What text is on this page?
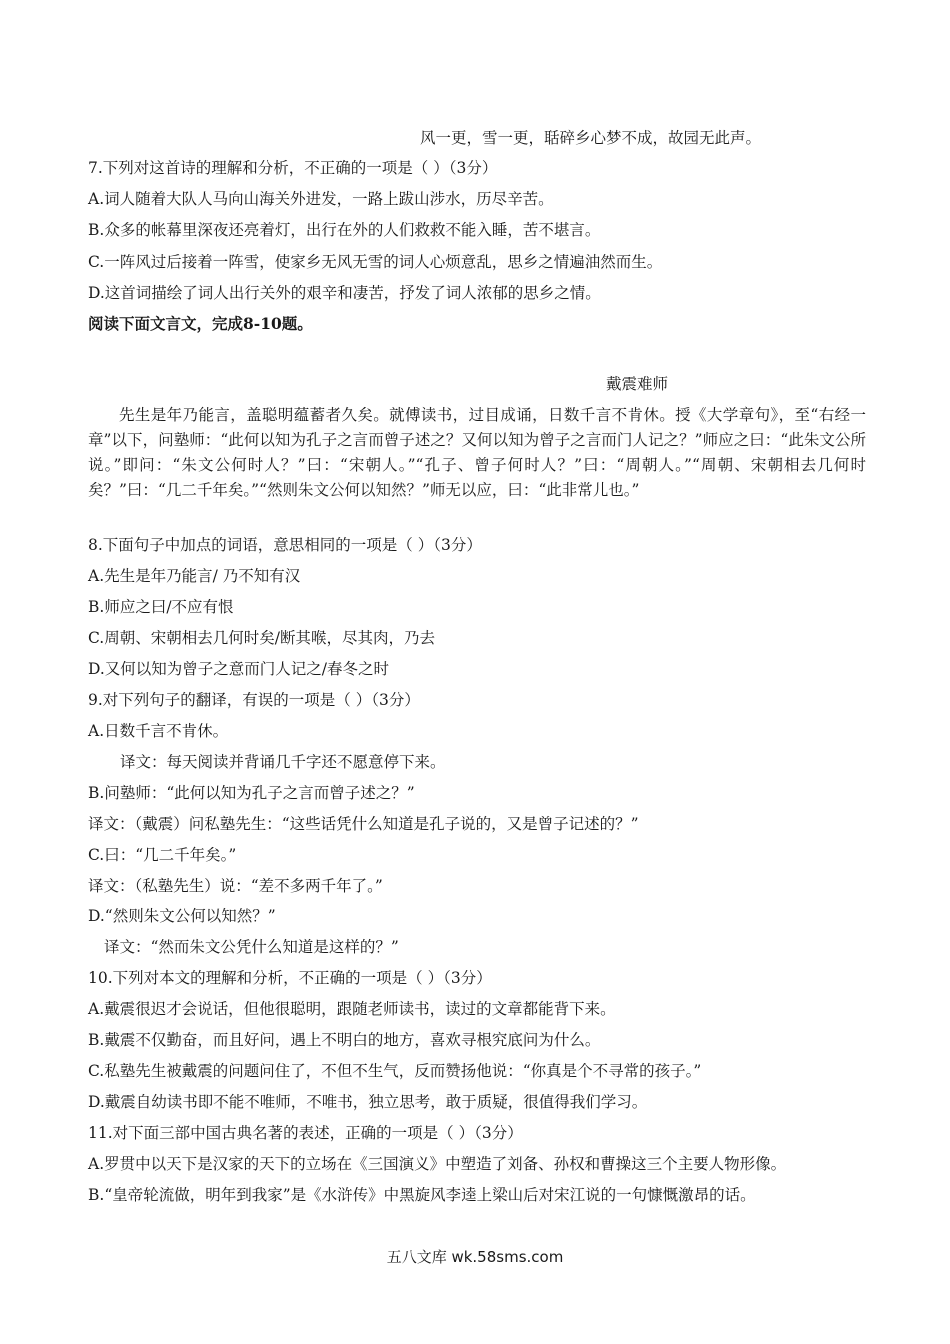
风一更，雪一更，聒碎乡心梦不成，故园无此声。
7.下列对这首诗的理解和分析，不正确的一项是（ ）（3分）
A.词人随着大队人马向山海关外进发，一路上跋山涉水，历尽辛苦。
B.众多的帐幕里深夜还亮着灯，出行在外的人们救救不能入睡，苦不堪言。
C.一阵风过后接着一阵雪，使家乡无风无雪的词人心烦意乱，思乡之情遍油然而生。
D.这首词描绘了词人出行关外的艰辛和凄苦，抒发了词人浓郁的思乡之情。
阅读下面文言文，完成8-10题。
戴震难师
先生是年乃能言，盖聪明蕴蓄者久矣。就傅读书，过目成诵，日数千言不肯休。授《大学章句》，至“右经一章”以下，问塾师：“此何以知为孔子之言而曾子述之？又何以知为曾子之言而门人记之？”师应之曰：“此朱文公所说。”即问：“朱文公何时人？”曰：“宋朝人。”“孔子、曾子何时人？”曰：“周朝人。”“周朝、宋朝相去几何时矣？”曰：“几二千年矣。”“然则朱文公何以知然？”师无以应，曰：“此非常儿也。”
8.下面句子中加点的词语，意思相同的一项是（ ）（3分）
A.先生是年乃能言/ 乃不知有汉
B.师应之曰/不应有恨
C.周朝、宋朝相去几何时矣/断其喉，尽其肉，乃去
D.又何以知为曾子之意而门人记之/春冬之时
9.对下列句子的翻译，有误的一项是（ ）（3分）
A.日数千言不肯休。
译文：每天阅读并背诵几千字还不愿意停下来。
B.问塾师：“此何以知为孔子之言而曾子述之？”
译文：（戴震）问私塾先生：“这些话凭什么知道是孔子说的，又是曾子记述的？”
C.曰：“几二千年矣。”
译文：（私塾先生）说：“差不多两千年了。”
D.“然则朱文公何以知然？”
译文：“然而朱文公凭什么知道是这样的？”
10.下列对本文的理解和分析，不正确的一项是（ ）（3分）
A.戴震很迟才会说话，但他很聪明，跟随老师读书，读过的文章都能背下来。
B.戴震不仅勤奋，而且好问，遇上不明白的地方，喜欢寻根究底问为什么。
C.私塾先生被戴震的问题问住了，不但不生气，反而赞扬他说：“你真是个不寻常的孩子。”
D.戴震自幼读书即不能不唯师，不唯书，独立思考，敢于质疑，很值得我们学习。
11.对下面三部中国古典名著的表述，正确的一项是（ ）（3分）
A.罗贯中以天下是汉家的天下的立场在《三国演义》中塑造了刘备、孙权和曹操这三个主要人物形像。
B.“皇帝轮流做，明年到我家”是《水浒传》中黑旋风李逵上梁山后对宋江说的一句慷慨激昂的话。
五八文库 wk.58sms.com
